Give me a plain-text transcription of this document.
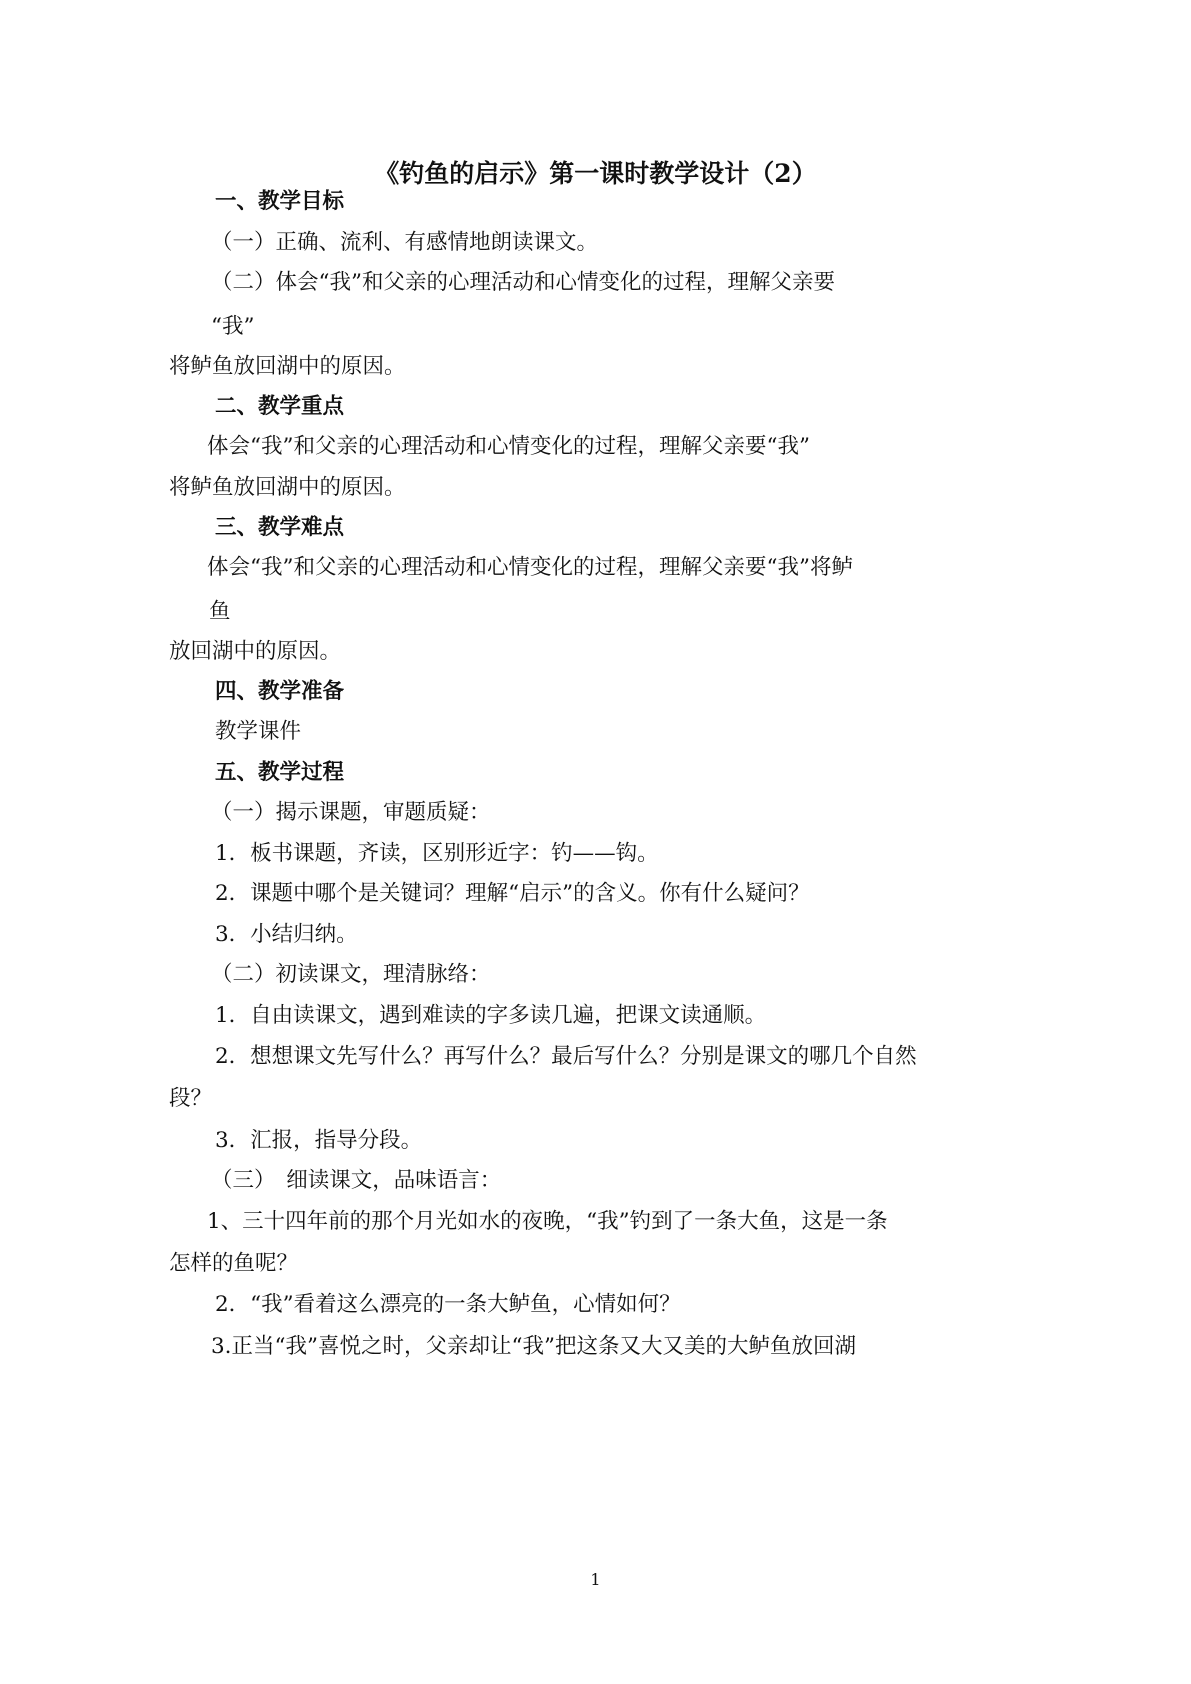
《钓鱼的启示》第一课时教学设计（2）
一、教学目标
（一）正确、流利、有感情地朗读课文。
（二）体会“我”和父亲的心理活动和心情变化的过程，理解父亲要
“我”
将鲈鱼放回湖中的原因。
二、教学重点
体会“我”和父亲的心理活动和心情变化的过程，理解父亲要“我”
将鲈鱼放回湖中的原因。
三、教学难点
体会“我”和父亲的心理活动和心情变化的过程，理解父亲要“我”将鲈
鱼
放回湖中的原因。
四、教学准备
教学课件
五、教学过程
（一）揭示课题，审题质疑：
1．板书课题，齐读，区别形近字：钓——钩。
2．课题中哪个是关键词？理解“启示”的含义。你有什么疑问？
3．小结归纳。
（二）初读课文，理清脉络：
1．自由读课文，遇到难读的字多读几遍，把课文读通顺。
2．想想课文先写什么？再写什么？最后写什么？分别是课文的哪几个自然
段？
3．汇报，指导分段。
（三）　细读课文，品味语言：
1、三十四年前的那个月光如水的夜晚，“我”钓到了一条大鱼，这是一条
怎样的鱼呢？
2．“我”看着这么漂亮的一条大鲈鱼，心情如何？
3.正当“我”喜悦之时，父亲却让“我”把这条又大又美的大鲈鱼放回湖
1
